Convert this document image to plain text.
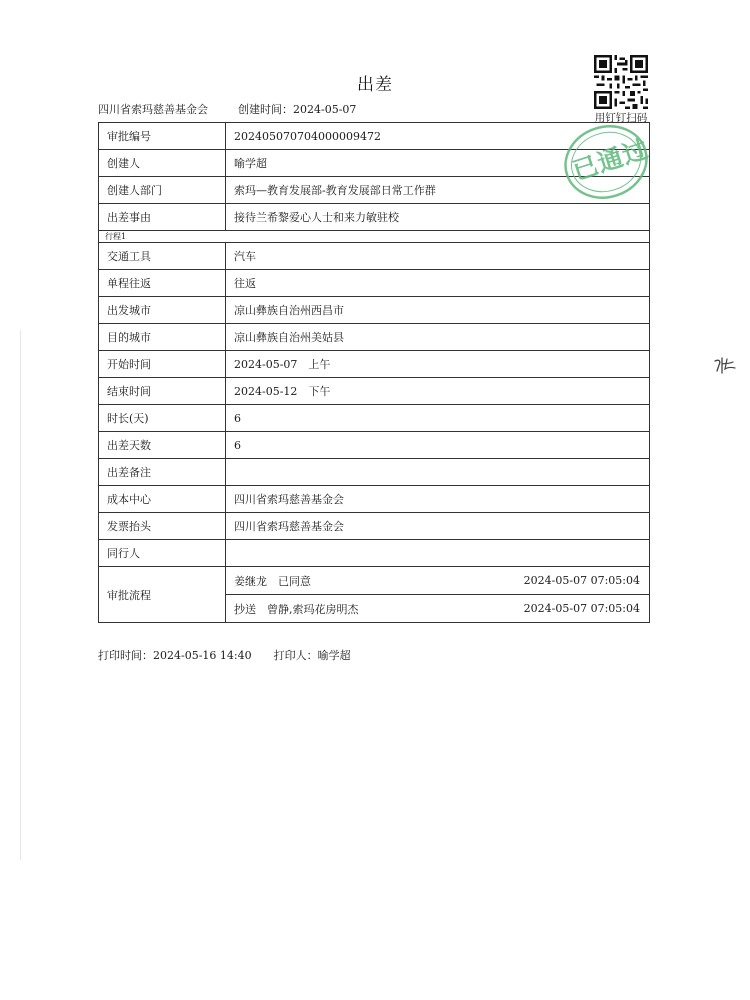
出差
四川省索玛慈善基金会	创建时间：2024-05-07
用钉钉扫码
审批编号	202405070704000009472
创建人	喻学超
创建人部门	索玛—教育发展部-教育发展部日常工作群
出差事由	接待兰希黎爱心人士和来力敏驻校
行程1	
交通工具	汽车
单程往返	往返
出发城市	凉山彝族自治州西昌市
目的城市	凉山彝族自治州美姑县
开始时间	2024-05-07　上午
结束时间	2024-05-12　下午
时长(天)	6
出差天数	6
出差备注	
成本中心	四川省索玛慈善基金会
发票抬头	四川省索玛慈善基金会
同行人	
审批流程	姜继龙　已同意 2024-05-07 07:05:04
抄送　曾静,索玛花房明杰 2024-05-07 07:05:04
已通过
打印时间：2024-05-16 14:40 打印人：喻学超
